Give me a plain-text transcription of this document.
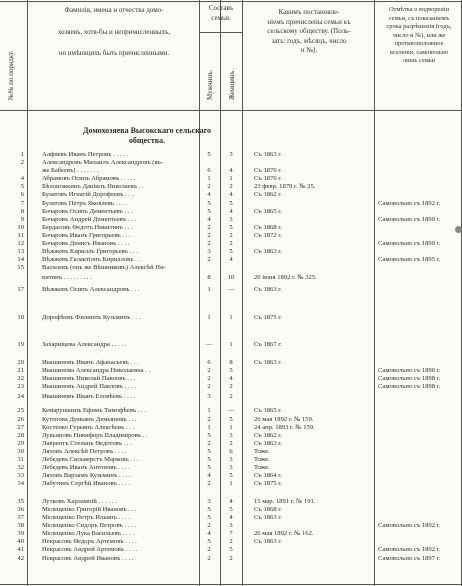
№№ по порядку.
Фамилія, имена и отчества домо-
хозяевъ, хотя-бы и непричисленныхъ,
но имѣющихъ быть причисленными.
Составъ семьи.
Мужчинъ. Женщинъ.
Какимъ постановле-
ніемъ причислены семьи къ
сельскому обществу. (Поль-
зать: годъ, мѣсяцъ, число
и №).
Отмѣтка о водвореніи
семьи, съ показаніемъ
срока разрѣшенія (годъ,
число и №), или же
противоположное
вселеніи, самовольно
лишь семьи
Домохозяева Высокскаго сельскаго
общества.
1	Алфѳевъ Иванъ Петровъ . . . . .	5	3	Съ 1863 г.
2	Александровъ Михаилъ Александровъ (въ-
же Бабеевъ) . . . . . . .	6	4	Съ 1876 г.
4	Абрамовъ Осипъ Абрамовъ . . . . .	1	1	Съ 1876 г.
5	Бѣлоножкинъ Даніилъ Николаевъ . .	2	2	23 февр. 1879 г. № 25.
6	Булатовъ Игнатій Дорофеевъ . . .	4	4	Съ 1862 г.
7	Булатовъ Петръ Яковлевъ . . . .	5	5	Самовольно съ 1892 г.
8	Бочаровъ Осипъ Дементьевъ . . .	5	4	Съ 1865 г.
9	Бочаровъ Андрей Дементьевъ . . .	4	3	Самовольно съ 1890 г.
10	Бердасовъ Ѳедотъ Никитинъ . . .	2	5	Съ 1868 г.
11	Бочаровъ Иванъ Григорьевъ . . .	2	2	Съ 1872 г.
12	Бочаровъ Денисъ Ивановъ . . . .	2	2	Самовольно съ 1890 г.
13	Вѣжжевъ Кириллъ Григорьевъ . . .	3	5	Съ 1863 г.
14	Вѣжжевъ Галактіонъ Кирилловъ . .	2	4	Самовольно съ 1895 г.
15	Василевъ (онъ же Вѣшниковъ) Алексѣй Ни-
китинъ . . . . . . . . .	8	10	20 іюня 1892 г. № 325.
17	Вѣжжевъ Осипъ Александровъ . . .	1	—	Съ 1863 г.
18	Дорофѣевъ Филиппъ Кузьминъ . . .	1	1	Съ 1875 г.
19	Захарищева Александра . . . . .	—	1	Съ 1867 г.
20	Ивашиновъ Иванъ Афанасьевъ . . .	6	8	Съ 1863 г.
21	Ивашинова Александра Николаевна . .	2	5	Самовольно съ 1890 г.
22	Ивашиновъ Николай Павловъ . . .	2	4	Самовольно съ 1898 г.
23	Ивашиновъ Андрей Павловъ . . . .	2	2	Самовольно съ 1898 г.
24	Ивашиновъ Иванъ Еловѣевъ . . . .	3	2
25	Кемарушкинъ Ефимъ Тимофѣевъ . . .	1	—	Съ 1865 г.
26	Кутепова Демьянъ Демьяновъ . . .	2	5	26 мая 1892 г. № 159.
27	Костенко Гурьянъ Алексѣевъ . . .	1	1	24 апр. 1893 г. № 159.
28	Лукьяновъ Никифоръ Владиміровъ . .	5	3	Съ 1862 г.
29	Лаврентъ Степанъ Ѳедотовъ . . .	2	2	Съ 1863 г.
30	Ляховъ Алексѣй Петровъ . . . .	5	6	Тоже.
31	Лебедевъ Сильверстъ Марковъ . . .	5	3	Тоже.
32	Лебедевъ Иванъ Антоновъ . . . .	5	3	Тоже.
33	Ляховъ Варламъ Кузьминъ . . . .	4	5	Съ 1864 г.
34	Лабутинъ Сергѣй Ивановъ . . . .	2	1	Съ 1875 г.
35	Лутковъ Харлампій . . . . . .	3	4	15 мар. 1891 г. № 191.
36	Мелещенко Григорій Ивановъ . . .	5	5	Съ 1868 г.
37	Мелещенко Петръ Ильинъ . . . .	5	4	Съ 1863 г.
38	Мелещенко Сидоръ Петровъ . . . .	2	3	Самовольно съ 1892 г.
39	Мелещенко Лука Васильевъ . . . .	4	7	26 мая 1892 г. № 162.
40	Некрасовъ Ѳедоръ Артемовъ . . . .	5	2	Съ 1863 г.
41	Некрасовъ Андрей Артемовъ . . . .	2	5	Самовольно съ 1892 г.
42	Некрасовъ Андрей Ивановъ . . . .	2	2	Самовольно съ 1897 г.
